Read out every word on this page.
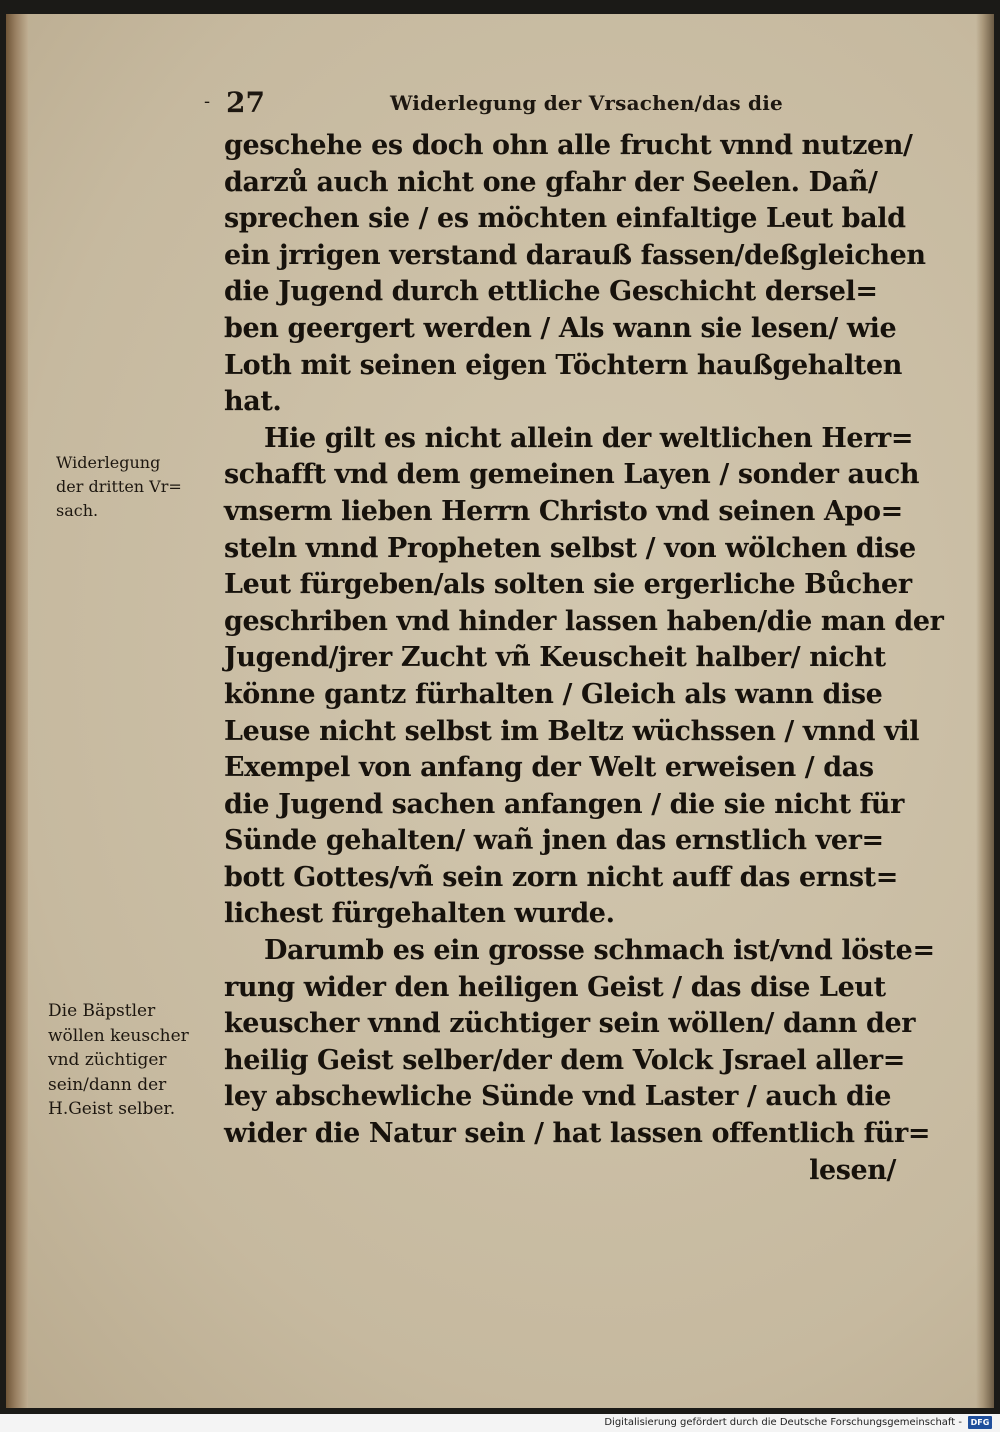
- 27	Widerlegung der Vrsachen/das die
geschehe es doch ohn alle frucht vnnd nutzen/
darzů auch nicht one gfahr der Seelen. Dañ/
sprechen sie / es möchten einfaltige Leut bald
ein jrrigen verstand darauß fassen/deßgleichen
die Jugend durch ettliche Geschicht dersel=
ben geergert werden / Als wann sie lesen/ wie
Loth mit seinen eigen Töchtern haußgehalten
hat.
Hie gilt es nicht allein der weltlichen Herr=
schafft vnd dem gemeinen Layen / sonder auch
vnserm lieben Herrn Christo vnd seinen Apo=
steln vnnd Propheten selbst / von wölchen dise
Leut fürgeben/als solten sie ergerliche Bůcher
geschriben vnd hinder lassen haben/die man der
Jugend/jrer Zucht vñ Keuscheit halber/ nicht
könne gantz fürhalten / Gleich als wann dise
Leuse nicht selbst im Beltz wüchssen / vnnd vil
Exempel von anfang der Welt erweisen / das
die Jugend sachen anfangen / die sie nicht für
Sünde gehalten/ wañ jnen das ernstlich ver=
bott Gottes/vñ sein zorn nicht auff das ernst=
lichest fürgehalten wurde.
Darumb es ein grosse schmach ist/vnd löste=
rung wider den heiligen Geist / das dise Leut
keuscher vnnd züchtiger sein wöllen/ dann der
heilig Geist selber/der dem Volck Jsrael aller=
ley abschewliche Sünde vnd Laster / auch die
wider die Natur sein / hat lassen offentlich für=
lesen/
Widerlegung
der dritten Vr=
sach.
Die Bäpstler
wöllen keuscher
vnd züchtiger
sein/dann der
H.Geist selber.
Digitalisierung gefördert durch die Deutsche Forschungsgemeinschaft -	DFG
